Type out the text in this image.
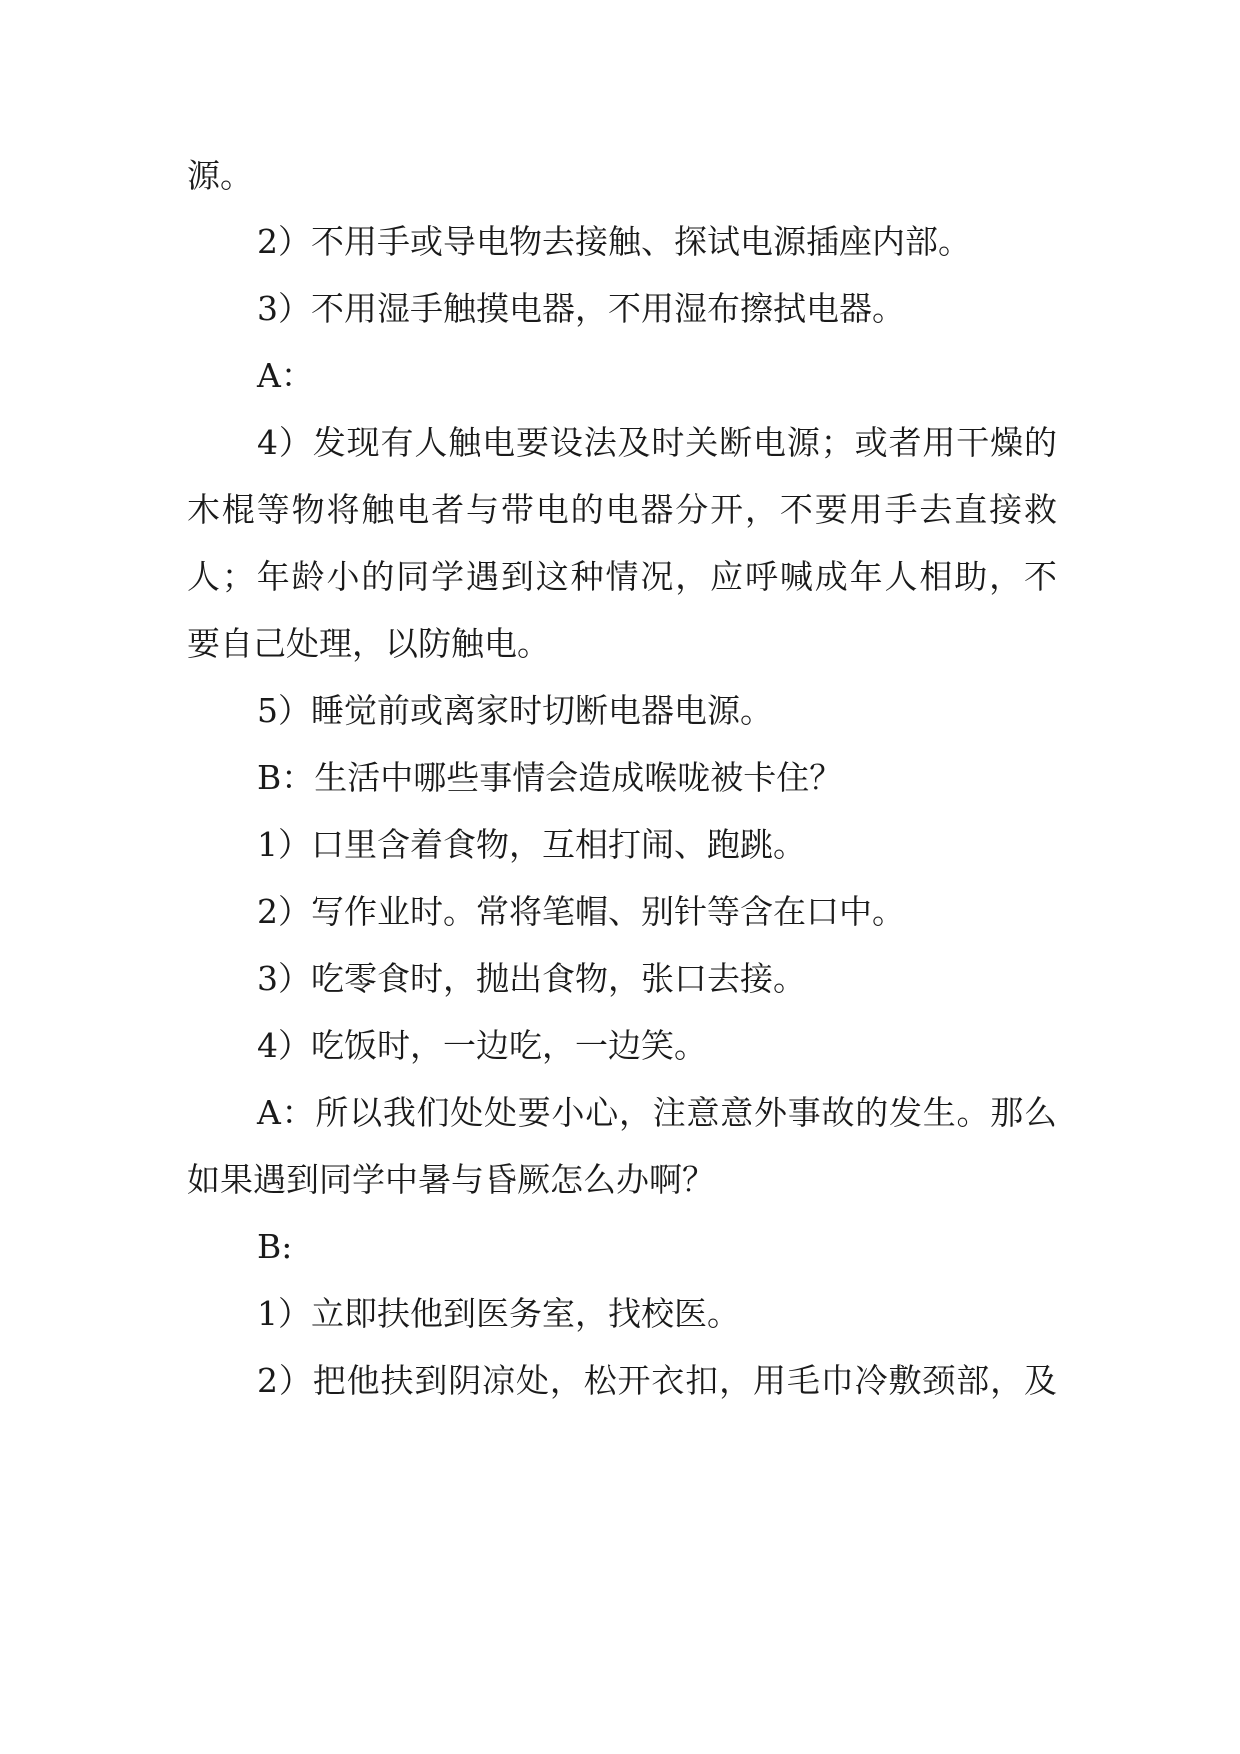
源。
2）不用手或导电物去接触、探试电源插座内部。
3）不用湿手触摸电器，不用湿布擦拭电器。
A：
4）发现有人触电要设法及时关断电源；或者用干燥的
木棍等物将触电者与带电的电器分开，不要用手去直接救
人；年龄小的同学遇到这种情况，应呼喊成年人相助，不
要自己处理，以防触电。
5）睡觉前或离家时切断电器电源。
B：生活中哪些事情会造成喉咙被卡住？
1）口里含着食物，互相打闹、跑跳。
2）写作业时。常将笔帽、别针等含在口中。
3）吃零食时，抛出食物，张口去接。
4）吃饭时，一边吃，一边笑。
A：所以我们处处要小心，注意意外事故的发生。那么
如果遇到同学中暑与昏厥怎么办啊？
B:
1）立即扶他到医务室，找校医。
2）把他扶到阴凉处，松开衣扣，用毛巾冷敷颈部，及
